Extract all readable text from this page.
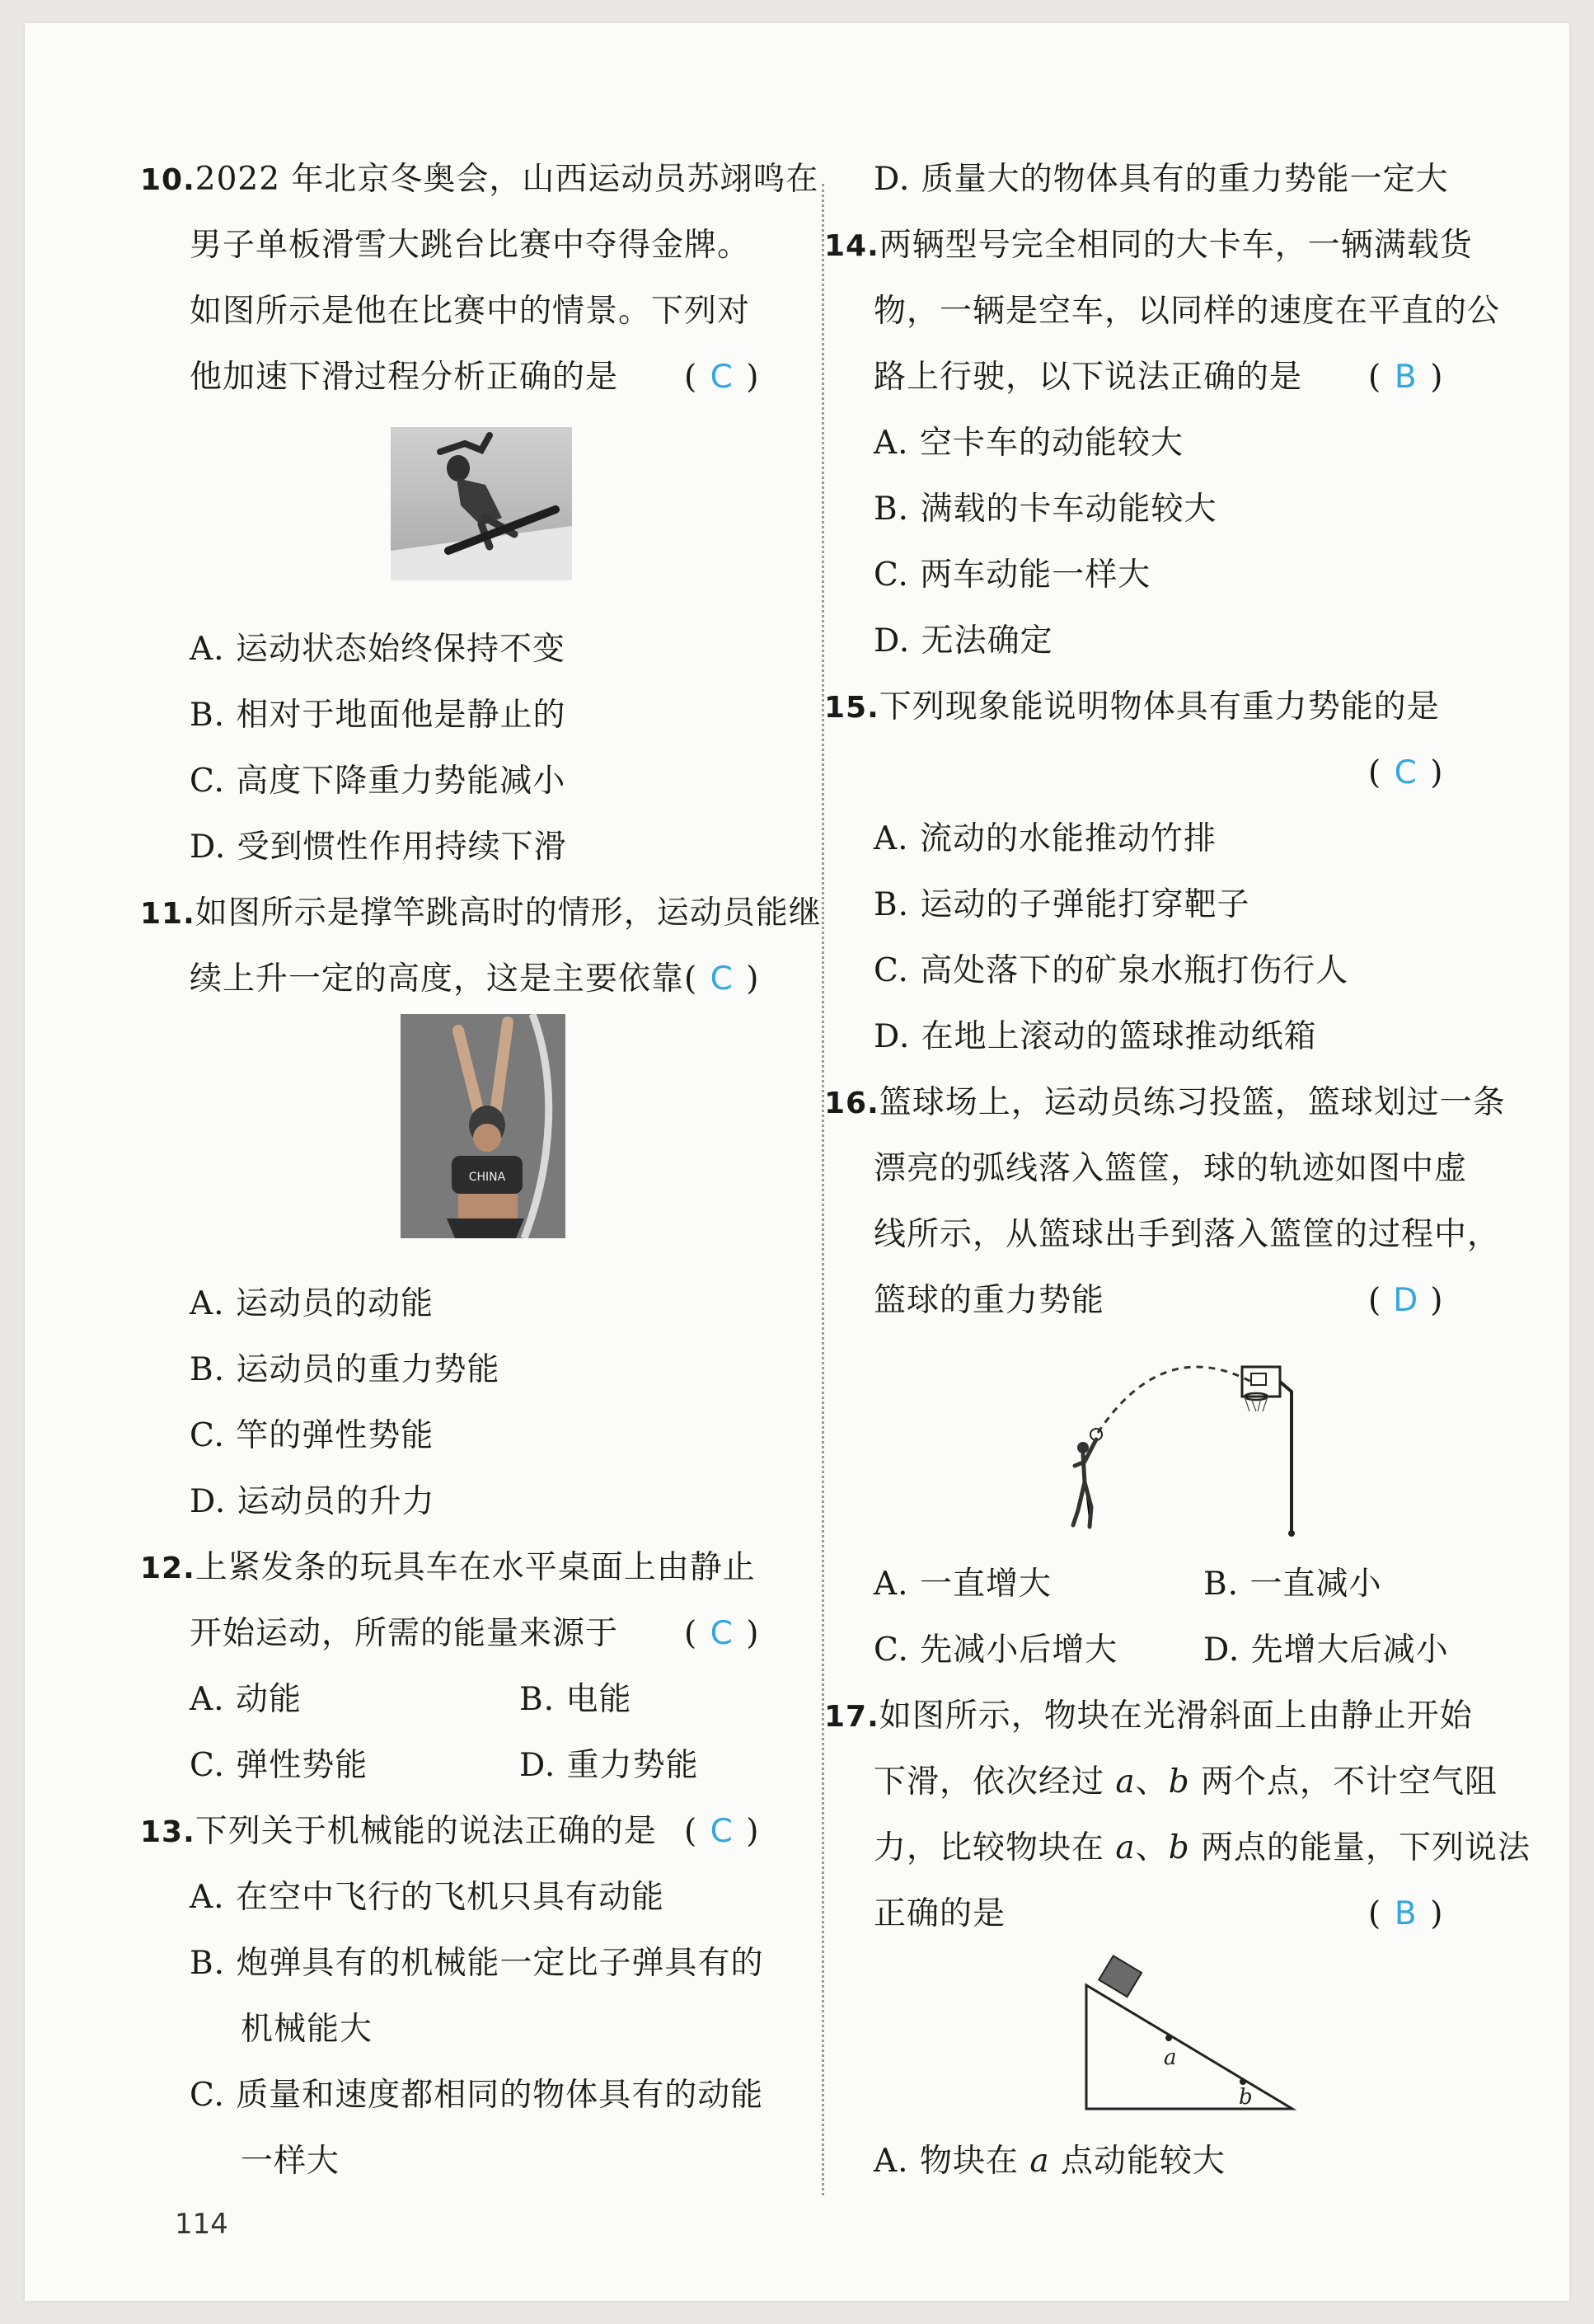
10.2022 年北京冬奥会，山西运动员苏翊鸣在
男子单板滑雪大跳台比赛中夺得金牌。
如图所示是他在比赛中的情景。下列对
他加速下滑过程分析正确的是 ( C )
A. 运动状态始终保持不变
B. 相对于地面他是静止的
C. 高度下降重力势能减小
D. 受到惯性作用持续下滑
11.如图所示是撑竿跳高时的情形，运动员能继
续上升一定的高度，这是主要依靠 ( C )
CHINA
A. 运动员的动能
B. 运动员的重力势能
C. 竿的弹性势能
D. 运动员的升力
12.上紧发条的玩具车在水平桌面上由静止
开始运动，所需的能量来源于 ( C )
A. 动能	B. 电能
C. 弹性势能	D. 重力势能
13.下列关于机械能的说法正确的是 ( C )
A. 在空中飞行的飞机只具有动能
B. 炮弹具有的机械能一定比子弹具有的
机械能大
C. 质量和速度都相同的物体具有的动能
一样大
114
D. 质量大的物体具有的重力势能一定大
14.两辆型号完全相同的大卡车，一辆满载货
物，一辆是空车，以同样的速度在平直的公
路上行驶，以下说法正确的是 ( B )
A. 空卡车的动能较大
B. 满载的卡车动能较大
C. 两车动能一样大
D. 无法确定
15.下列现象能说明物体具有重力势能的是
( C )
A. 流动的水能推动竹排
B. 运动的子弹能打穿靶子
C. 高处落下的矿泉水瓶打伤行人
D. 在地上滚动的篮球推动纸箱
16.篮球场上，运动员练习投篮，篮球划过一条
漂亮的弧线落入篮筐，球的轨迹如图中虚
线所示，从篮球出手到落入篮筐的过程中，
篮球的重力势能	( D )
A. 一直增大	B. 一直减小
C. 先减小后增大	D. 先增大后减小
17.如图所示，物块在光滑斜面上由静止开始
下滑，依次经过 a、b 两个点，不计空气阻
力，比较物块在 a、b 两点的能量，下列说法
正确的是	( B )
a
b
A. 物块在 a 点动能较大
